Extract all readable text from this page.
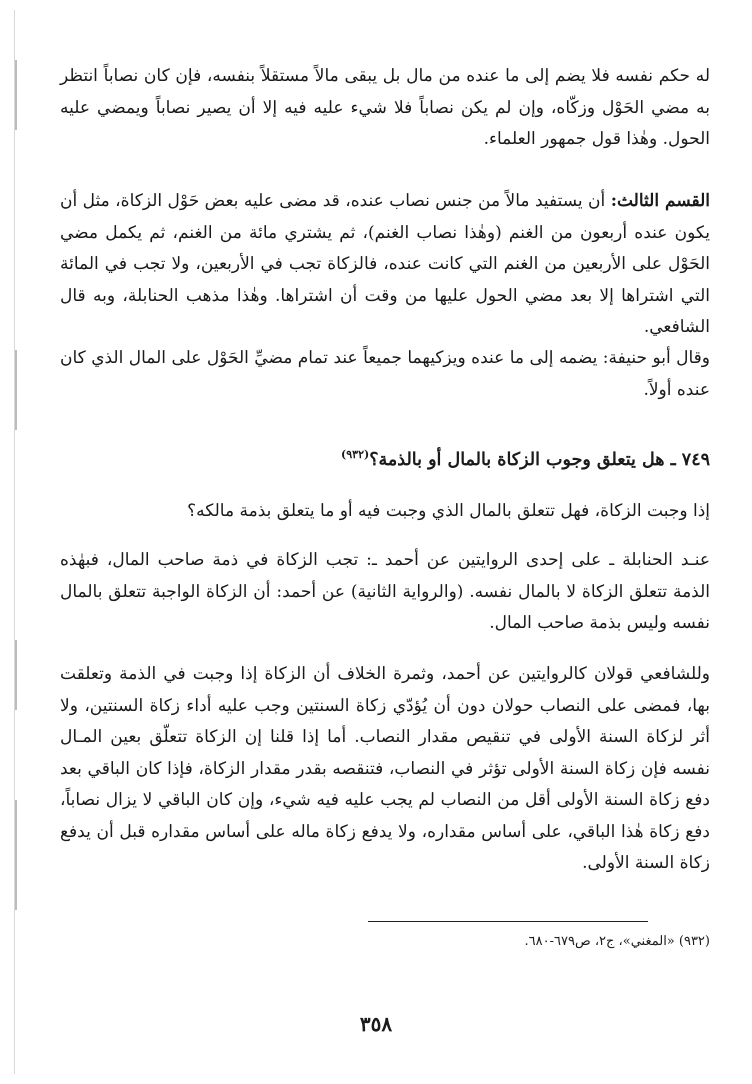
له حكم نفسه فلا يضم إلى ما عنده من مال بل يبقى مالاً مستقلاً بنفسه، فإن كان نصاباً انتظر به مضي الحَوْل وزكّاه، وإن لم يكن نصاباً فلا شيء عليه فيه إلا أن يصير نصاباً ويمضي عليه الحول. وهٰذا قول جمهور العلماء.

القسم الثالث: أن يستفيد مالاً من جنس نصاب عنده، قد مضى عليه بعض حَوْل الزكاة، مثل أن يكون عنده أربعون من الغنم (وهٰذا نصاب الغنم)، ثم يشتري مائة من الغنم، ثم يكمل مضي الحَوْل على الأربعين من الغنم التي كانت عنده، فالزكاة تجب في الأربعين، ولا تجب في المائة التي اشتراها إلا بعد مضي الحول عليها من وقت أن اشتراها. وهٰذا مذهب الحنابلة، وبه قال الشافعي.

وقال أبو حنيفة: يضمه إلى ما عنده ويزكيهما جميعاً عند تمام مضيِّ الحَوْل على المال الذي كان عنده أولاً.

٧٤٩ ـ هل يتعلق وجوب الزكاة بالمال أو بالذمة؟$^{(٩٣٢)}$

إذا وجبت الزكاة، فهل تتعلق بالمال الذي وجبت فيه أو ما يتعلق بذمة مالكه؟

عنـد الحنابلة ـ على إحدى الروايتين عن أحمد ـ: تجب الزكاة في ذمة صاحب المال، فبهٰذه الذمة تتعلق الزكاة لا بالمال نفسه. (والرواية الثانية) عن أحمد: أن الزكاة الواجبة تتعلق بالمال نفسه وليس بذمة صاحب المال.

وللشافعي قولان كالروايتين عن أحمد، وثمرة الخلاف أن الزكاة إذا وجبت في الذمة وتعلقت بها، فمضى على النصاب حولان دون أن يُؤدّي زكاة السنتين وجب عليه أداء زكاة السنتين، ولا أثر لزكاة السنة الأولى في تنقيص مقدار النصاب. أما إذا قلنا إن الزكاة تتعلّق بعين المـال نفسه فإن زكاة السنة الأولى تؤثر في النصاب، فتنقصه بقدر مقدار الزكاة، فإذا كان الباقي بعد دفع زكاة السنة الأولى أقل من النصاب لم يجب عليه فيه شيء، وإن كان الباقي لا يزال نصاباً، دفع زكاة هٰذا الباقي، على أساس مقداره، ولا يدفع زكاة ماله على أساس مقداره قبل أن يدفع زكاة السنة الأولى.

(٩٣٢) «المغني»، ج٢، ص٦٧٩-٦٨٠.

٣٥٨
